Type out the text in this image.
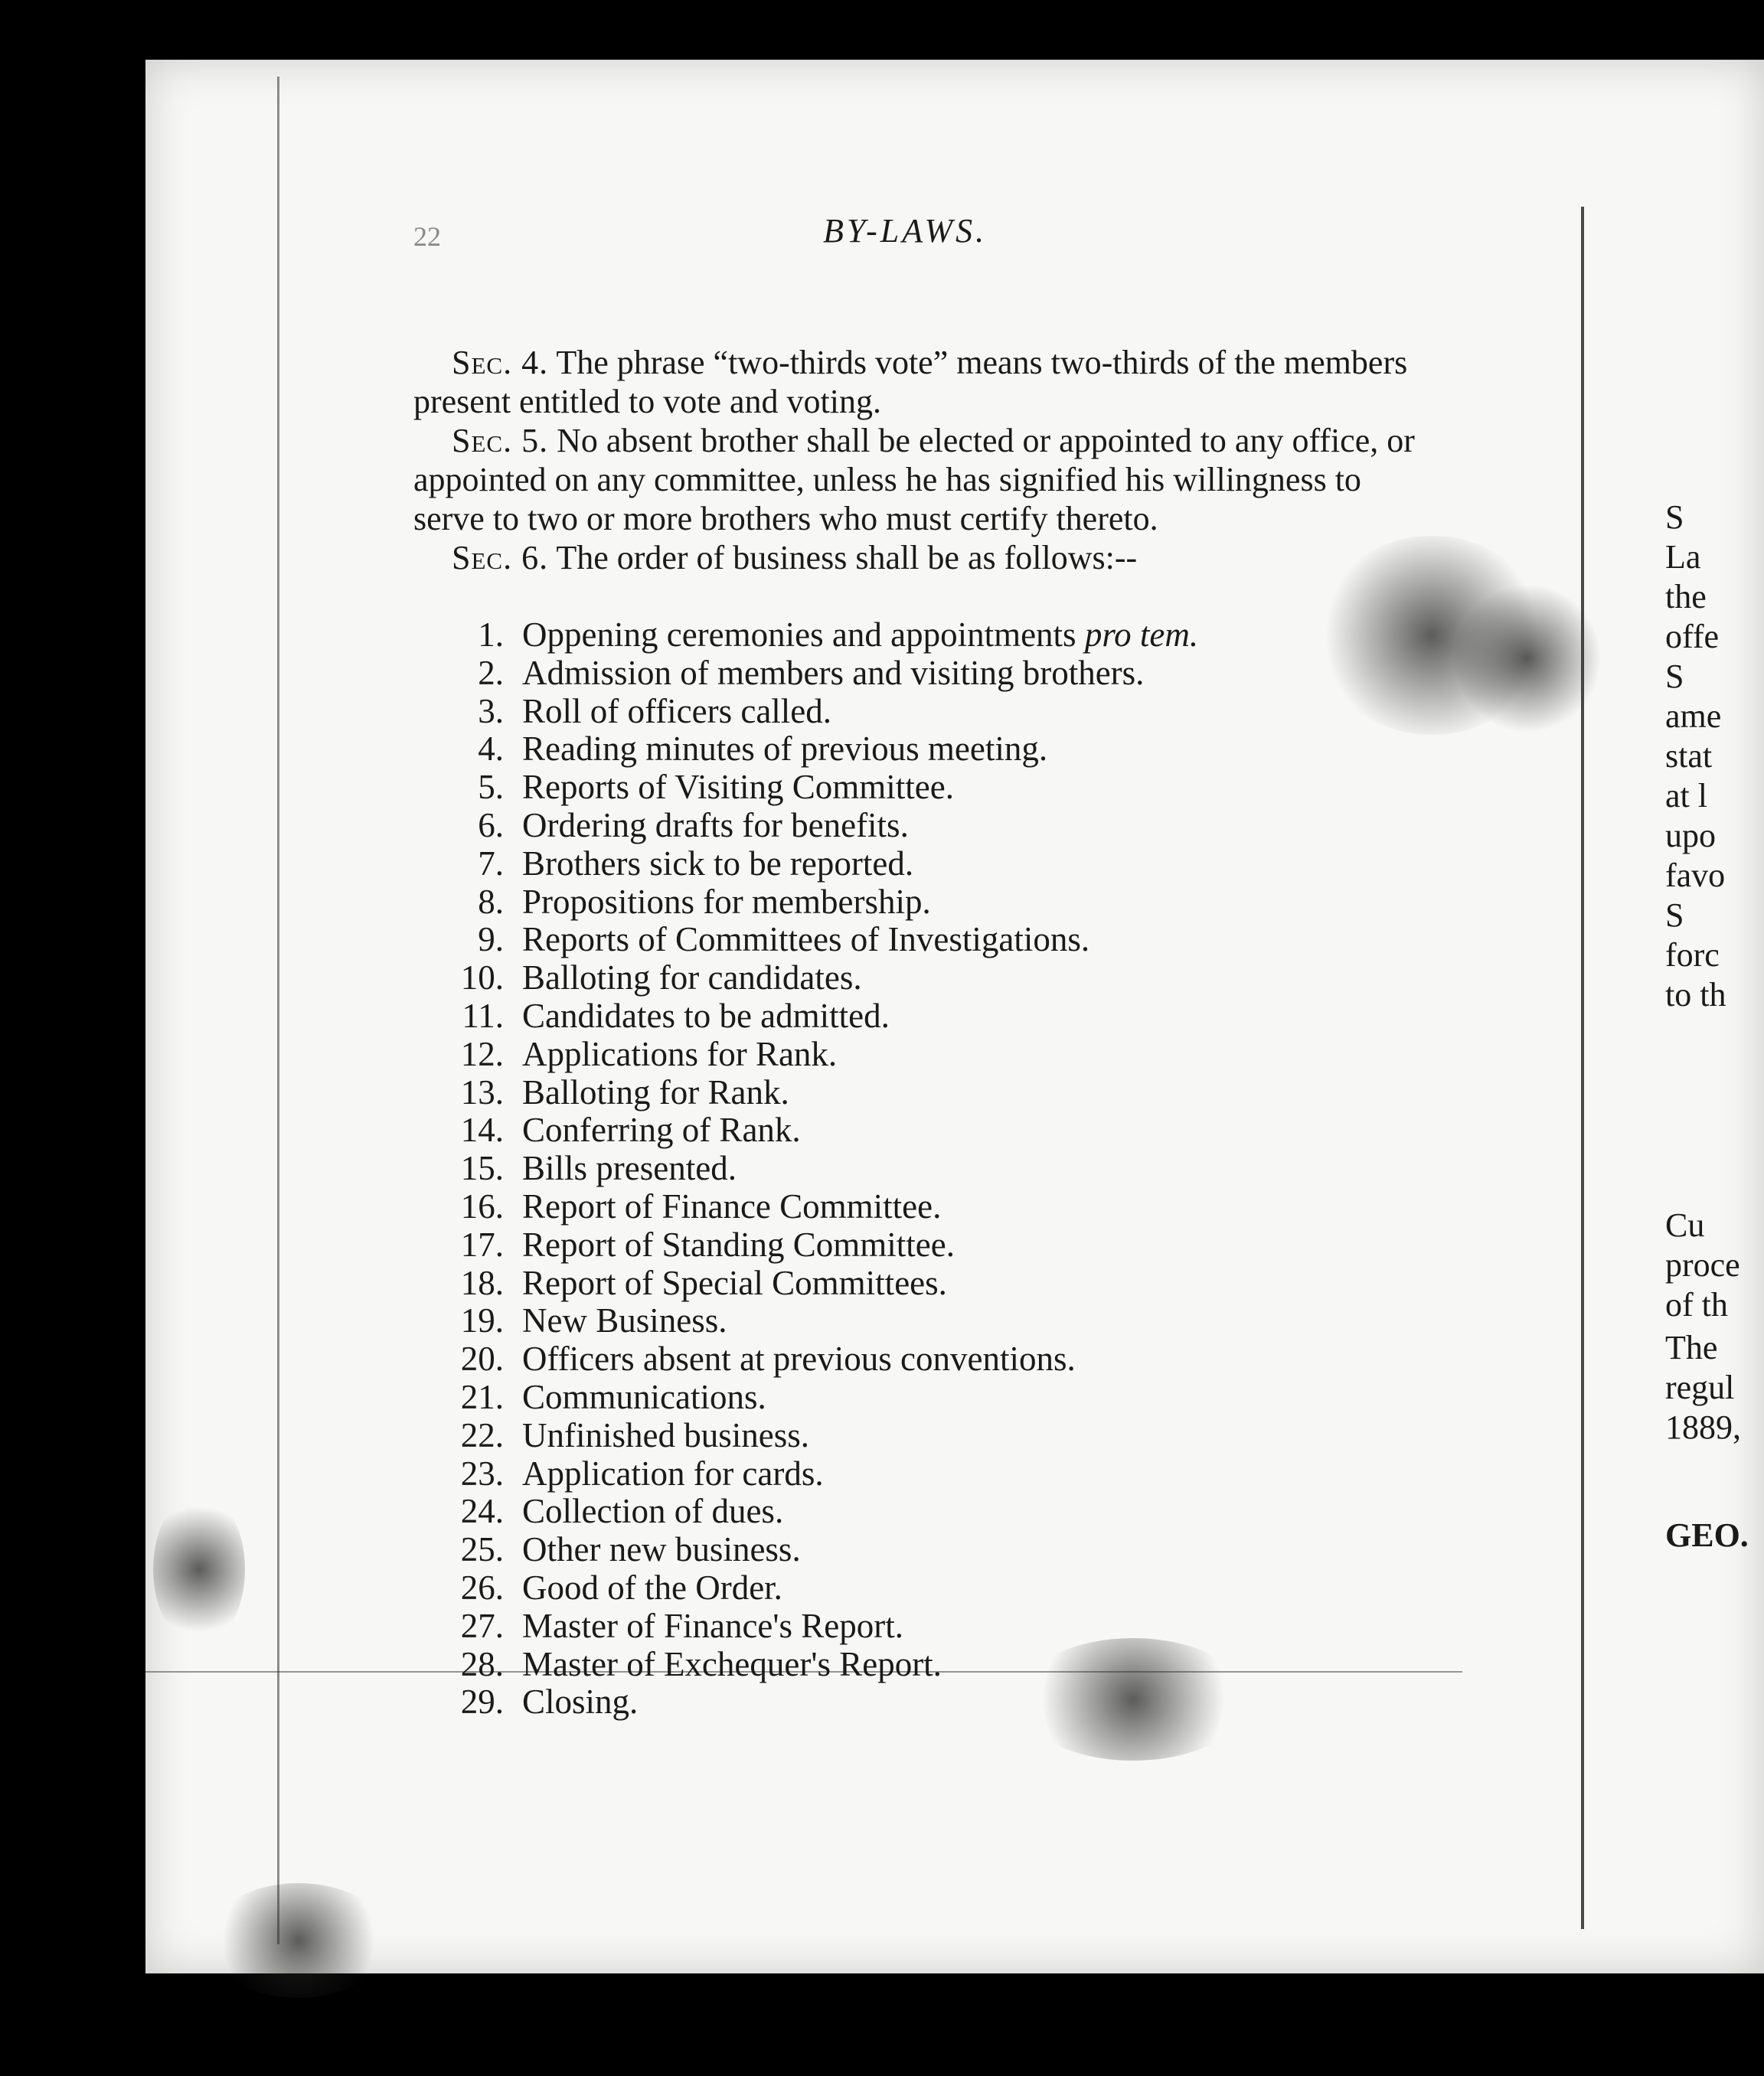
22	BY-LAWS.
Sec. 4. The phrase “two-thirds vote” means two-thirds of the members present entitled to vote and voting.
Sec. 5. No absent brother shall be elected or appointed to any office, or appointed on any committee, unless he has signified his willingness to serve to two or more brothers who must certify thereto.
Sec. 6. The order of business shall be as follows:--
1. Oppening ceremonies and appointments pro tem.
2. Admission of members and visiting brothers.
3. Roll of officers called.
4. Reading minutes of previous meeting.
5. Reports of Visiting Committee.
6. Ordering drafts for benefits.
7. Brothers sick to be reported.
8. Propositions for membership.
9. Reports of Committees of Investigations.
10. Balloting for candidates.
11. Candidates to be admitted.
12. Applications for Rank.
13. Balloting for Rank.
14. Conferring of Rank.
15. Bills presented.
16. Report of Finance Committee.
17. Report of Standing Committee.
18. Report of Special Committees.
19. New Business.
20. Officers absent at previous conventions.
21. Communications.
22. Unfinished business.
23. Application for cards.
24. Collection of dues.
25. Other new business.
26. Good of the Order.
27. Master of Finance's Report.
28. Master of Exchequer's Report.
29. Closing.
S
La
the
offe
S
ame
stat
at l
upo
favo
S
forc
to th
Cu
proce
of th
The
regul
1889,
GEO.
